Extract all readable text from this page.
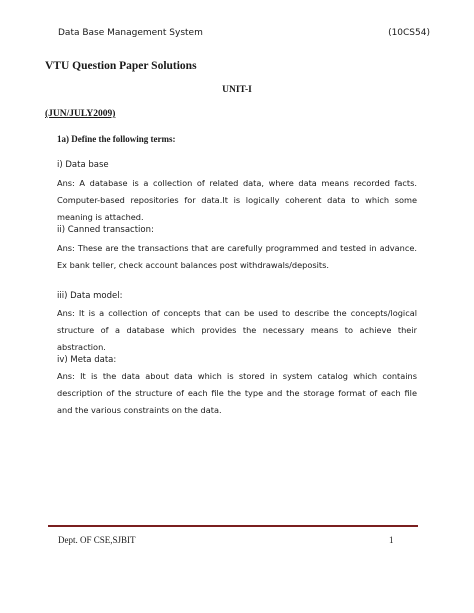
Data Base Management System	(10CS54)
VTU Question Paper Solutions
UNIT-I
(JUN/JULY2009)
1a) Define the following terms:
i) Data base
Ans: A database is a collection of related data, where data means recorded facts. Computer-based repositories for data.It is logically coherent data to which some meaning is attached.
ii) Canned transaction:
Ans: These are the transactions that are carefully programmed and tested in advance. Ex bank teller, check account balances post withdrawals/deposits.
iii) Data model:
Ans: It is a collection of concepts that can be used to describe the concepts/logical structure of a database which provides the necessary means to achieve their abstraction.
iv) Meta data:
Ans: It is the data about data which is stored in system catalog which contains description of the structure of each file the type and the storage format of each file and the various constraints on the data.
Dept. OF CSE,SJBIT	1
